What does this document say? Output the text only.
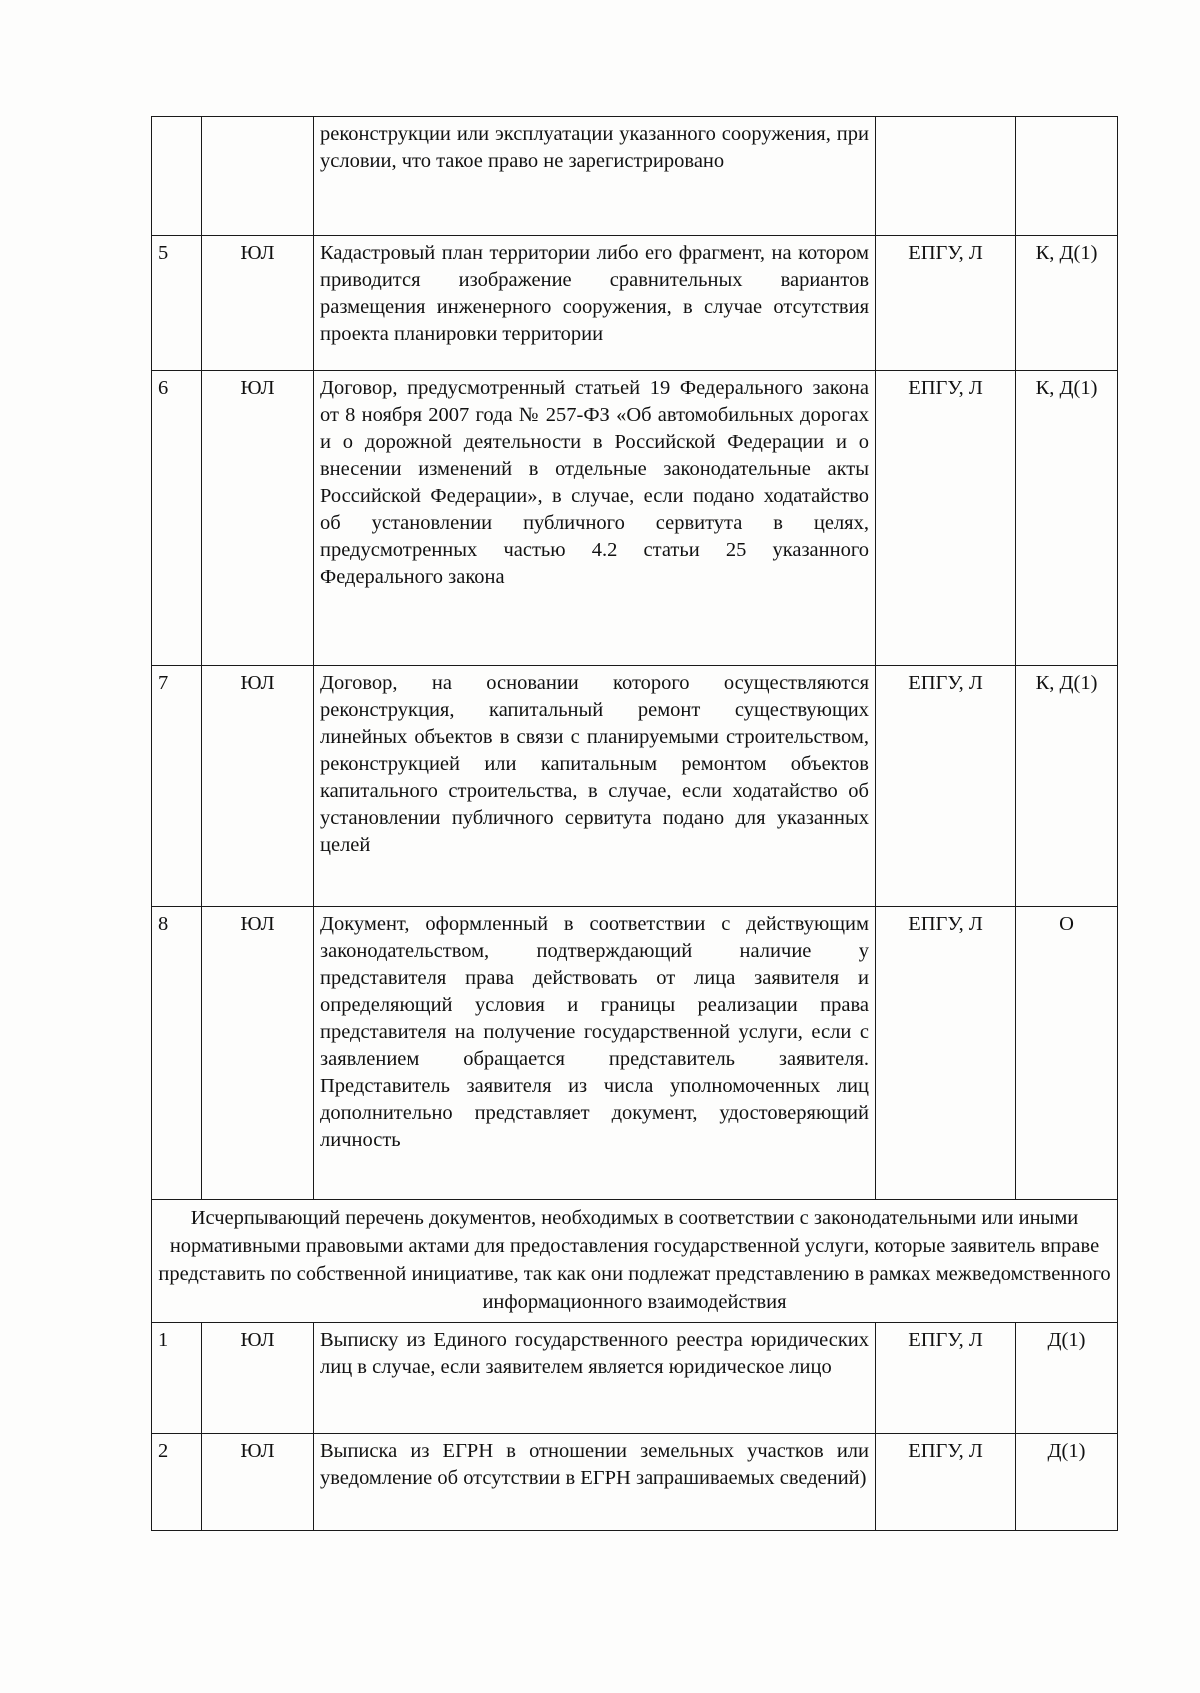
		реконструкции или эксплуатации указанного сооружения, при условии, что такое право не зарегистрировано		
5	ЮЛ	Кадастровый план территории либо его фрагмент, на котором приводится изображение сравнительных вариантов размещения инженерного сооружения, в случае отсутствия проекта планировки территории	ЕПГУ, Л	К, Д(1)
6	ЮЛ	Договор, предусмотренный статьей 19 Федерального закона от 8 ноября 2007 года № 257-ФЗ «Об автомобильных дорогах и о дорожной деятельности в Российской Федерации и о внесении изменений в отдельные законодательные акты Российской Федерации», в случае, если подано ходатайство об установлении публичного сервитута в целях, предусмотренных частью 4.2 статьи 25 указанного Федерального закона	ЕПГУ, Л	К, Д(1)
7	ЮЛ	Договор, на основании которого осуществляются реконструкция, капитальный ремонт существующих линейных объектов в связи с планируемыми строительством, реконструкцией или капитальным ремонтом объектов капитального строительства, в случае, если ходатайство об установлении публичного сервитута подано для указанных целей	ЕПГУ, Л	К, Д(1)
8	ЮЛ	Документ, оформленный в соответствии с действующим законодательством, подтверждающий наличие у представителя права действовать от лица заявителя и определяющий условия и границы реализации права представителя на получение государственной услуги, если с заявлением обращается представитель заявителя. Представитель заявителя из числа уполномоченных лиц дополнительно представляет документ, удостоверяющий личность	ЕПГУ, Л	О
Исчерпывающий перечень документов, необходимых в соответствии с законодательными или иными нормативными правовыми актами для предоставления государственной услуги, которые заявитель вправе представить по собственной инициативе, так как они подлежат представлению в рамках межведомственного информационного взаимодействия				
1	ЮЛ	Выписку из Единого государственного реестра юридических лиц в случае, если заявителем является юридическое лицо	ЕПГУ, Л	Д(1)
2	ЮЛ	Выписка из ЕГРН в отношении земельных участков или уведомление об отсутствии в ЕГРН запрашиваемых сведений)	ЕПГУ, Л	Д(1)
